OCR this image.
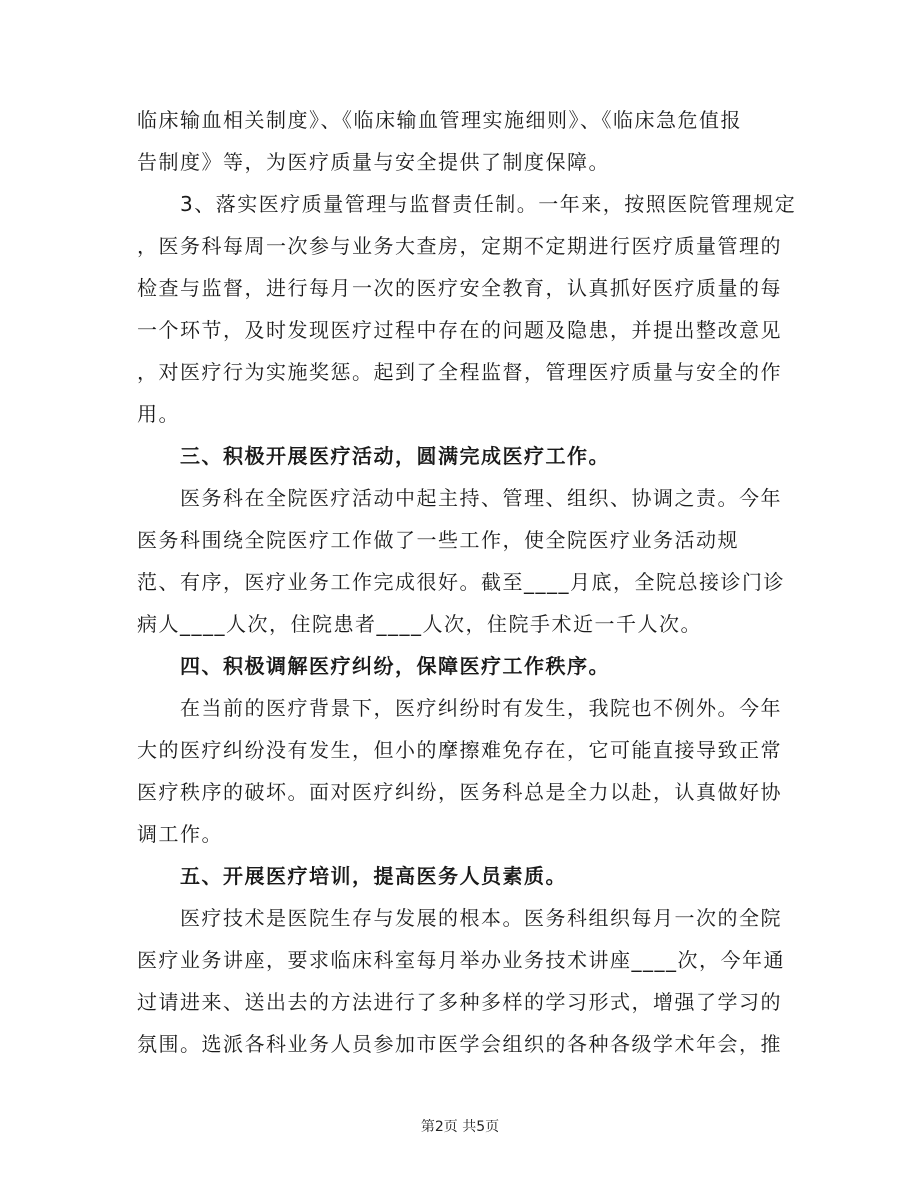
临床输血相关制度》、《临床输血管理实施细则》、《临床急危值报
告制度》等，为医疗质量与安全提供了制度保障。
3、落实医疗质量管理与监督责任制。一年来，按照医院管理规定
，医务科每周一次参与业务大查房，定期不定期进行医疗质量管理的
检查与监督，进行每月一次的医疗安全教育，认真抓好医疗质量的每
一个环节，及时发现医疗过程中存在的问题及隐患，并提出整改意见
，对医疗行为实施奖惩。起到了全程监督，管理医疗质量与安全的作
用。
三、积极开展医疗活动，圆满完成医疗工作。
医务科在全院医疗活动中起主持、管理、组织、协调之责。今年
医务科围绕全院医疗工作做了一些工作，使全院医疗业务活动规
范、有序，医疗业务工作完成很好。截至____月底，全院总接诊门诊
病人____人次，住院患者____人次，住院手术近一千人次。
四、积极调解医疗纠纷，保障医疗工作秩序。
在当前的医疗背景下，医疗纠纷时有发生，我院也不例外。今年
大的医疗纠纷没有发生，但小的摩擦难免存在，它可能直接导致正常
医疗秩序的破坏。面对医疗纠纷，医务科总是全力以赴，认真做好协
调工作。
五、开展医疗培训，提高医务人员素质。
医疗技术是医院生存与发展的根本。医务科组织每月一次的全院
医疗业务讲座，要求临床科室每月举办业务技术讲座____次，今年通
过请进来、送出去的方法进行了多种多样的学习形式，增强了学习的
氛围。选派各科业务人员参加市医学会组织的各种各级学术年会，推
第2页 共5页
